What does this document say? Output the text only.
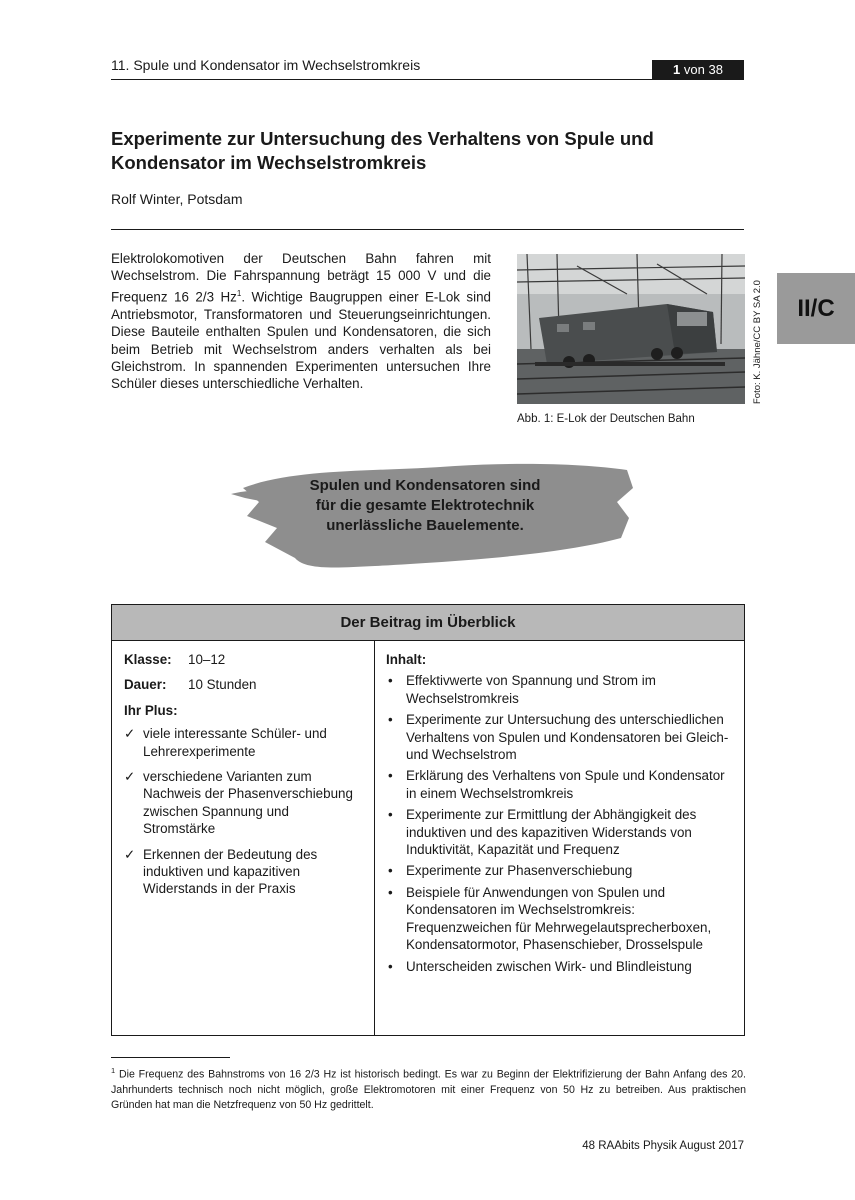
11. Spule und Kondensator im Wechselstromkreis	1 von 38
II/C
Experimente zur Untersuchung des Verhaltens von Spule und Kondensator im Wechselstromkreis
Rolf Winter, Potsdam
Elektrolokomotiven der Deutschen Bahn fahren mit Wechselstrom. Die Fahrspannung beträgt 15 000 V und die Frequenz 16 2/3 Hz$^1$. Wichtige Baugruppen einer E-Lok sind Antriebsmotor, Transformatoren und Steuerungseinrichtungen. Diese Bauteile enthalten Spulen und Kondensatoren, die sich beim Betrieb mit Wechselstrom anders verhalten als bei Gleichstrom. In spannenden Experimenten untersuchen Ihre Schüler dieses unterschiedliche Verhalten.
Abb. 1: E-Lok der Deutschen Bahn
Foto: K. Jähne/CC BY SA 2.0
Spulen und Kondensatoren sind
für die gesamte Elektrotechnik
unerlässliche Bauelemente.
Der Beitrag im Überblick
Klasse: 10–12
Dauer: 10 Stunden
Ihr Plus:
✓ viele interessante Schüler- und Lehrerexperimente
✓ verschiedene Varianten zum Nachweis der Phasenverschiebung zwischen Spannung und Stromstärke
✓ Erkennen der Bedeutung des induktiven und kapazitiven Widerstands in der Praxis
Inhalt:
• Effektivwerte von Spannung und Strom im Wechselstromkreis
• Experimente zur Untersuchung des unterschiedlichen Verhaltens von Spulen und Kondensatoren bei Gleich- und Wechselstrom
• Erklärung des Verhaltens von Spule und Kondensator in einem Wechselstromkreis
• Experimente zur Ermittlung der Abhängigkeit des induktiven und des kapazitiven Widerstands von Induktivität, Kapazität und Frequenz
• Experimente zur Phasenverschiebung
• Beispiele für Anwendungen von Spulen und Kondensatoren im Wechselstromkreis: Frequenzweichen für Mehrwegelautsprecherboxen, Kondensatormotor, Phasenschieber, Drosselspule
• Unterscheiden zwischen Wirk- und Blindleistung
$^1$ Die Frequenz des Bahnstroms von 16 2/3 Hz ist historisch bedingt. Es war zu Beginn der Elektrifizierung der Bahn Anfang des 20. Jahrhunderts technisch noch nicht möglich, große Elektromotoren mit einer Frequenz von 50 Hz zu betreiben. Aus praktischen Gründen hat man die Netzfrequenz von 50 Hz gedrittelt.
48 RAAbits Physik August 2017
